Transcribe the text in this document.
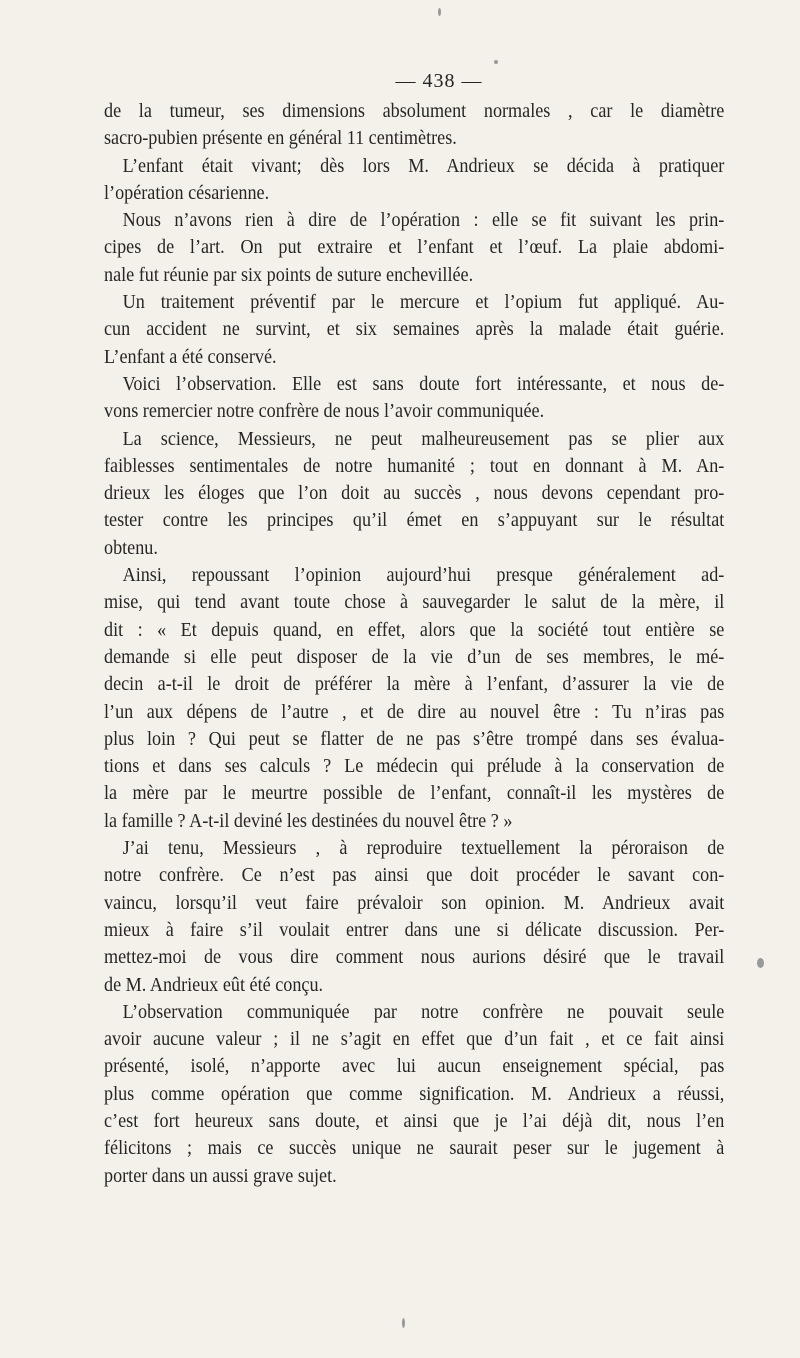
— 438 —
de la tumeur, ses dimensions absolument normales , car le diamètre
sacro-pubien présente en général 11 centimètres.
L’enfant était vivant; dès lors M. Andrieux se décida à pratiquer
l’opération césarienne.
Nous n’avons rien à dire de l’opération : elle se fit suivant les prin-
cipes de l’art. On put extraire et l’enfant et l’œuf. La plaie abdomi-
nale fut réunie par six points de suture enchevillée.
Un traitement préventif par le mercure et l’opium fut appliqué. Au-
cun accident ne survint, et six semaines après la malade était guérie.
L’enfant a été conservé.
Voici l’observation. Elle est sans doute fort intéressante, et nous de-
vons remercier notre confrère de nous l’avoir communiquée.
La science, Messieurs, ne peut malheureusement pas se plier aux
faiblesses sentimentales de notre humanité ; tout en donnant à M. An-
drieux les éloges que l’on doit au succès , nous devons cependant pro-
tester contre les principes qu’il émet en s’appuyant sur le résultat
obtenu.
Ainsi, repoussant l’opinion aujourd’hui presque généralement ad-
mise, qui tend avant toute chose à sauvegarder le salut de la mère, il
dit : « Et depuis quand, en effet, alors que la société tout entière se
demande si elle peut disposer de la vie d’un de ses membres, le mé-
decin a-t-il le droit de préférer la mère à l’enfant, d’assurer la vie de
l’un aux dépens de l’autre , et de dire au nouvel être : Tu n’iras pas
plus loin ? Qui peut se flatter de ne pas s’être trompé dans ses évalua-
tions et dans ses calculs ? Le médecin qui prélude à la conservation de
la mère par le meurtre possible de l’enfant, connaît-il les mystères de
la famille ? A-t-il deviné les destinées du nouvel être ? »
J’ai tenu, Messieurs , à reproduire textuellement la péroraison de
notre confrère. Ce n’est pas ainsi que doit procéder le savant con-
vaincu, lorsqu’il veut faire prévaloir son opinion. M. Andrieux avait
mieux à faire s’il voulait entrer dans une si délicate discussion. Per-
mettez-moi de vous dire comment nous aurions désiré que le travail
de M. Andrieux eût été conçu.
L’observation communiquée par notre confrère ne pouvait seule
avoir aucune valeur ; il ne s’agit en effet que d’un fait , et ce fait ainsi
présenté, isolé, n’apporte avec lui aucun enseignement spécial, pas
plus comme opération que comme signification. M. Andrieux a réussi,
c’est fort heureux sans doute, et ainsi que je l’ai déjà dit, nous l’en
félicitons ; mais ce succès unique ne saurait peser sur le jugement à
porter dans un aussi grave sujet.
